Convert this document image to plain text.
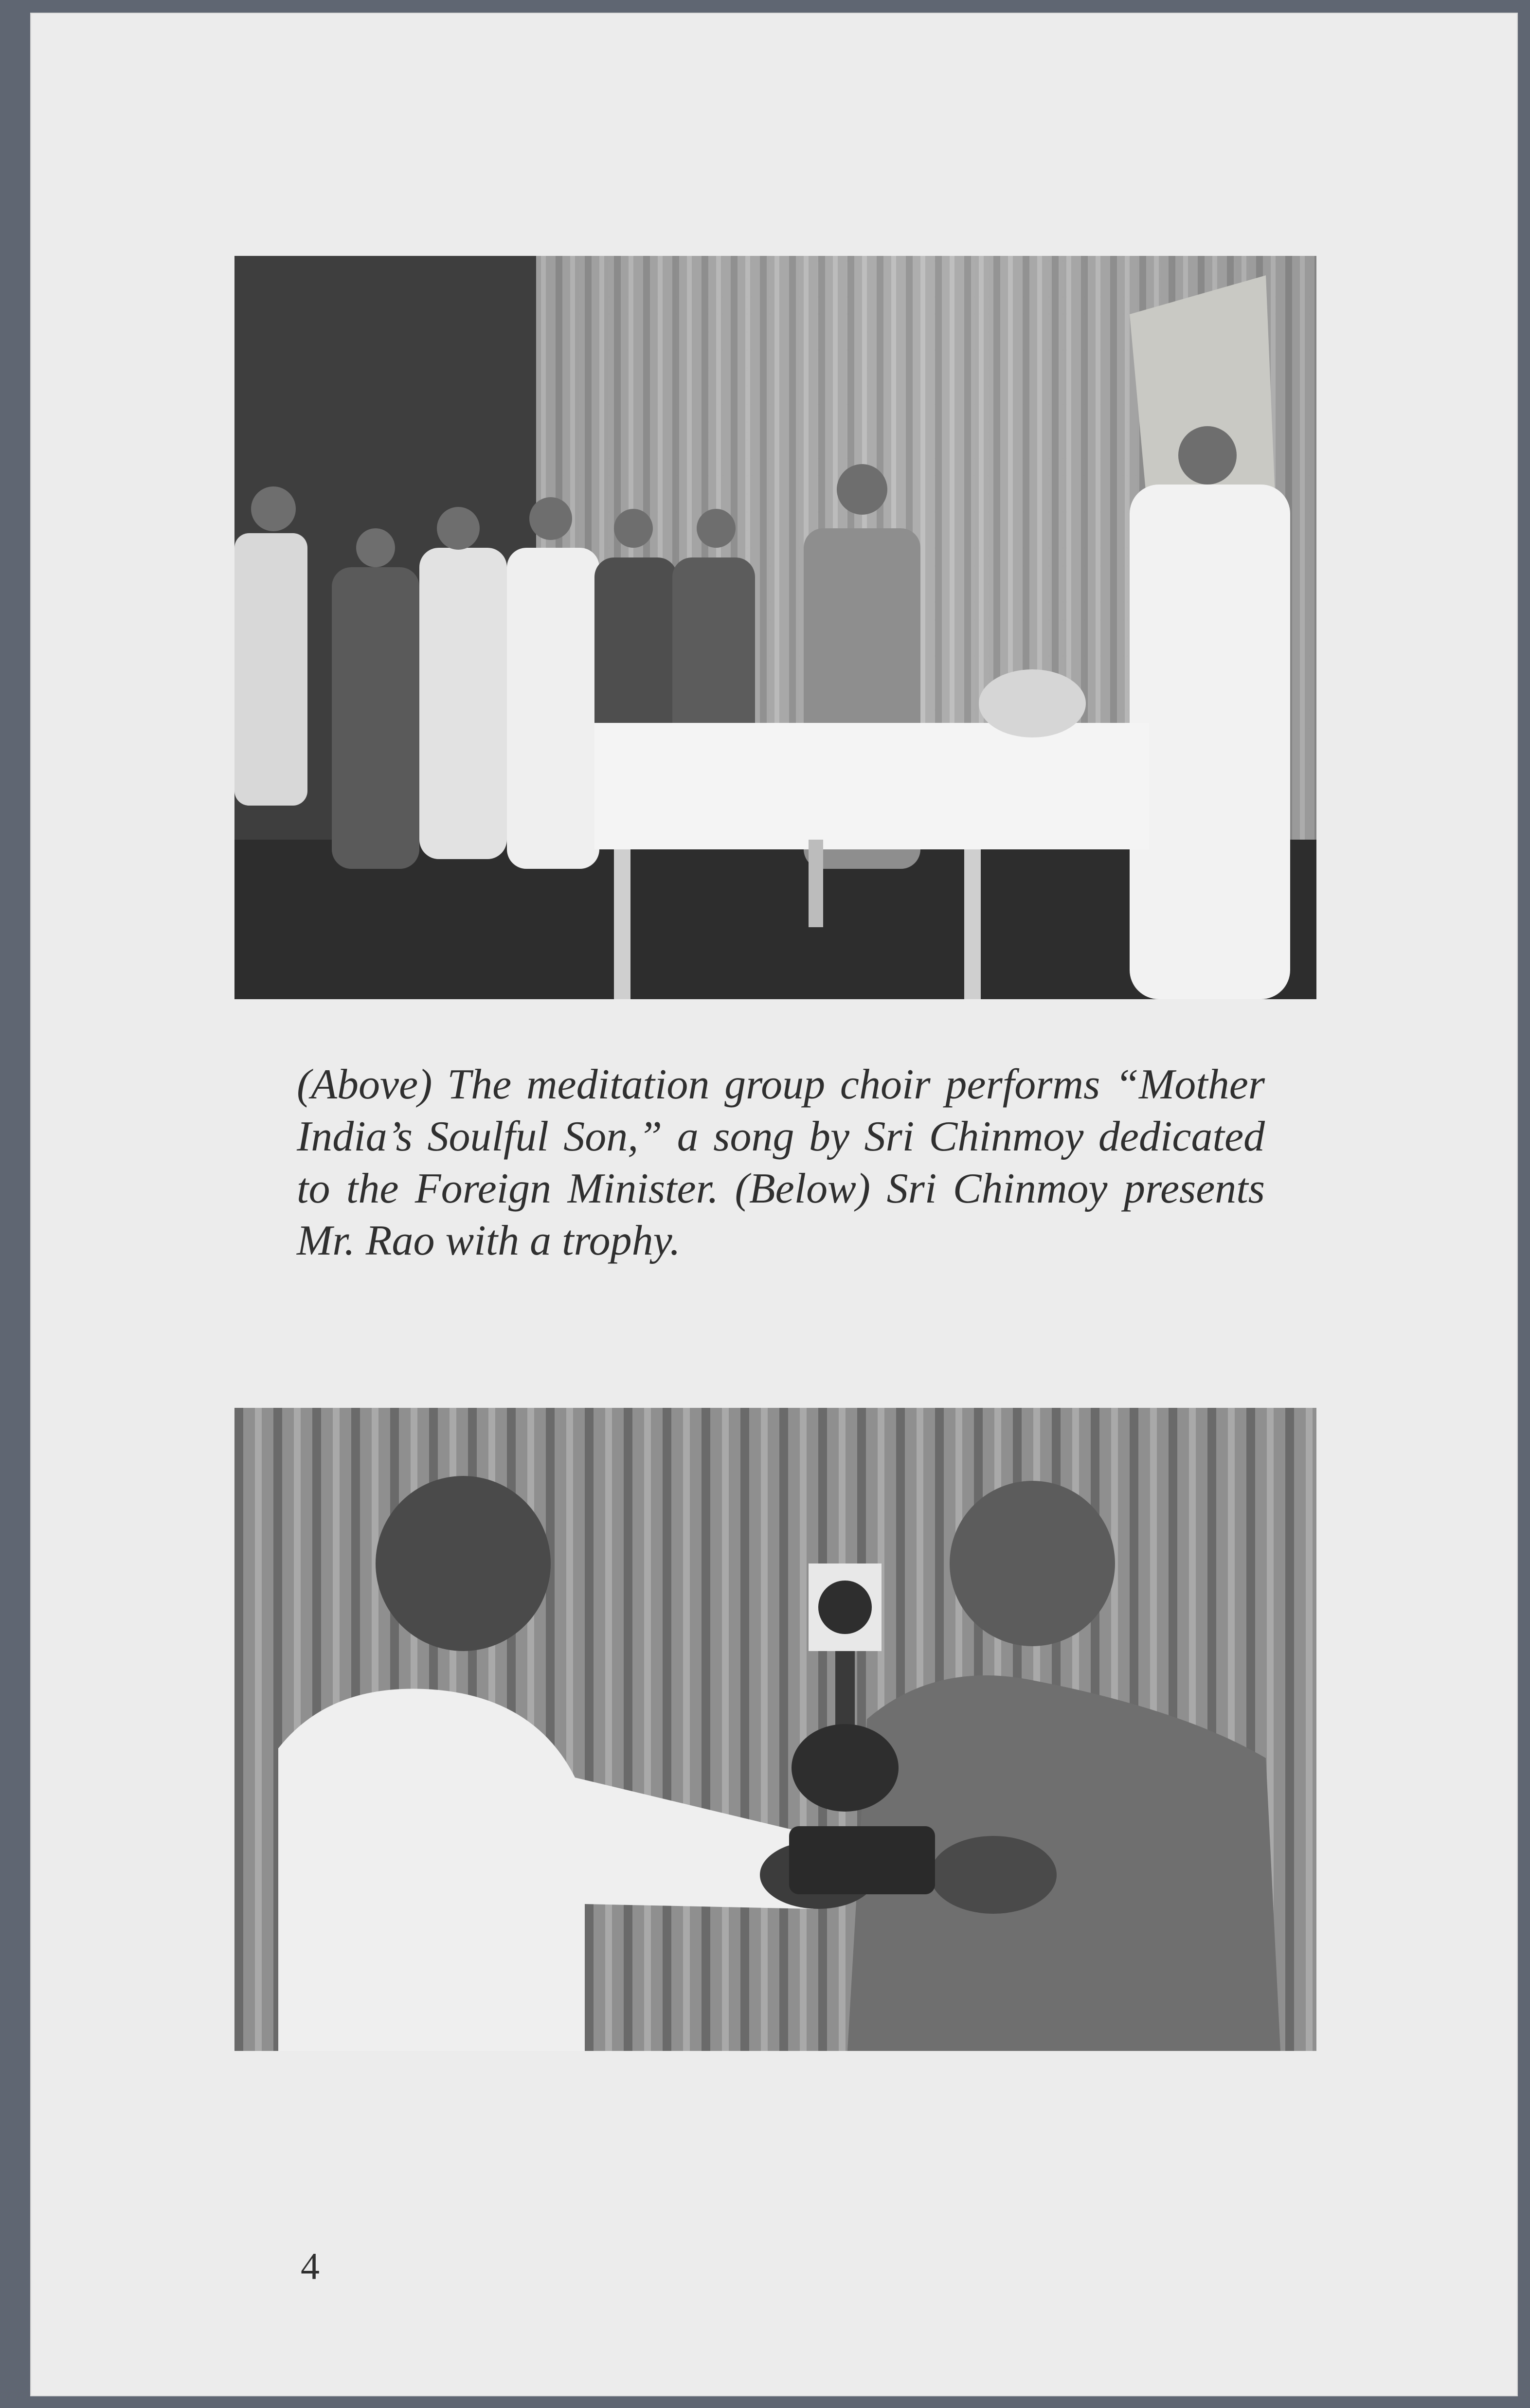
(Above) The meditation group choir performs “Mother India’s Soulful Son,” a song by Sri Chinmoy dedicated to the Foreign Minister. (Below) Sri Chinmoy presents Mr. Rao with a trophy.
4
